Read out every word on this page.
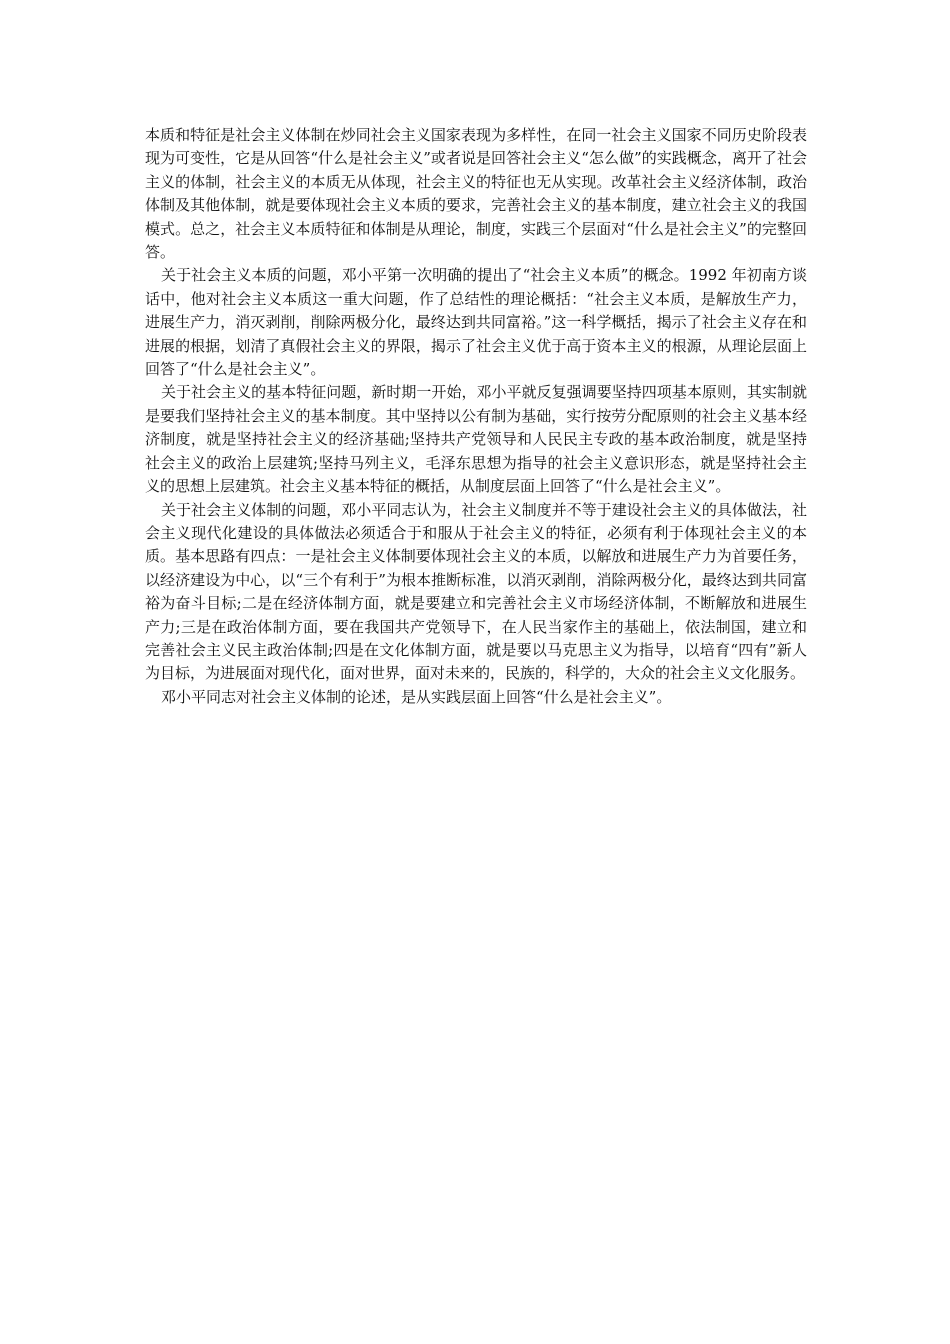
本质和特征是社会主义体制在炒同社会主义国家表现为多样性，在同一社会主义国家不同历史阶段表现为可变性，它是从回答“什么是社会主义”或者说是回答社会主义“怎么做”的实践概念，离开了社会主义的体制，社会主义的本质无从体现，社会主义的特征也无从实现。改革社会主义经济体制，政治体制及其他体制，就是要体现社会主义本质的要求，完善社会主义的基本制度，建立社会主义的我国模式。总之，社会主义本质特征和体制是从理论，制度，实践三个层面对“什么是社会主义”的完整回答。

关于社会主义本质的问题，邓小平第一次明确的提出了“社会主义本质”的概念。1992 年初南方谈话中，他对社会主义本质这一重大问题，作了总结性的理论概括：“社会主义本质，是解放生产力，进展生产力，消灭剥削，削除两极分化，最终达到共同富裕。”这一科学概括，揭示了社会主义存在和进展的根据，划清了真假社会主义的界限，揭示了社会主义优于高于资本主义的根源，从理论层面上回答了“什么是社会主义”。

关于社会主义的基本特征问题，新时期一开始，邓小平就反复强调要坚持四项基本原则，其实制就是要我们坚持社会主义的基本制度。其中坚持以公有制为基础，实行按劳分配原则的社会主义基本经济制度，就是坚持社会主义的经济基础;坚持共产党领导和人民民主专政的基本政治制度，就是坚持社会主义的政治上层建筑;坚持马列主义，毛泽东思想为指导的社会主义意识形态，就是坚持社会主义的思想上层建筑。社会主义基本特征的概括，从制度层面上回答了“什么是社会主义”。

关于社会主义体制的问题，邓小平同志认为，社会主义制度并不等于建设社会主义的具体做法，社会主义现代化建设的具体做法必须适合于和服从于社会主义的特征，必须有利于体现社会主义的本质。基本思路有四点：一是社会主义体制要体现社会主义的本质，以解放和进展生产力为首要任务，以经济建设为中心，以“三个有利于”为根本推断标准，以消灭剥削，消除两极分化，最终达到共同富裕为奋斗目标;二是在经济体制方面，就是要建立和完善社会主义市场经济体制，不断解放和进展生产力;三是在政治体制方面，要在我国共产党领导下，在人民当家作主的基础上，依法制国，建立和完善社会主义民主政治体制;四是在文化体制方面，就是要以马克思主义为指导，以培育“四有”新人为目标，为进展面对现代化，面对世界，面对未来的，民族的，科学的，大众的社会主义文化服务。

邓小平同志对社会主义体制的论述，是从实践层面上回答“什么是社会主义”。
